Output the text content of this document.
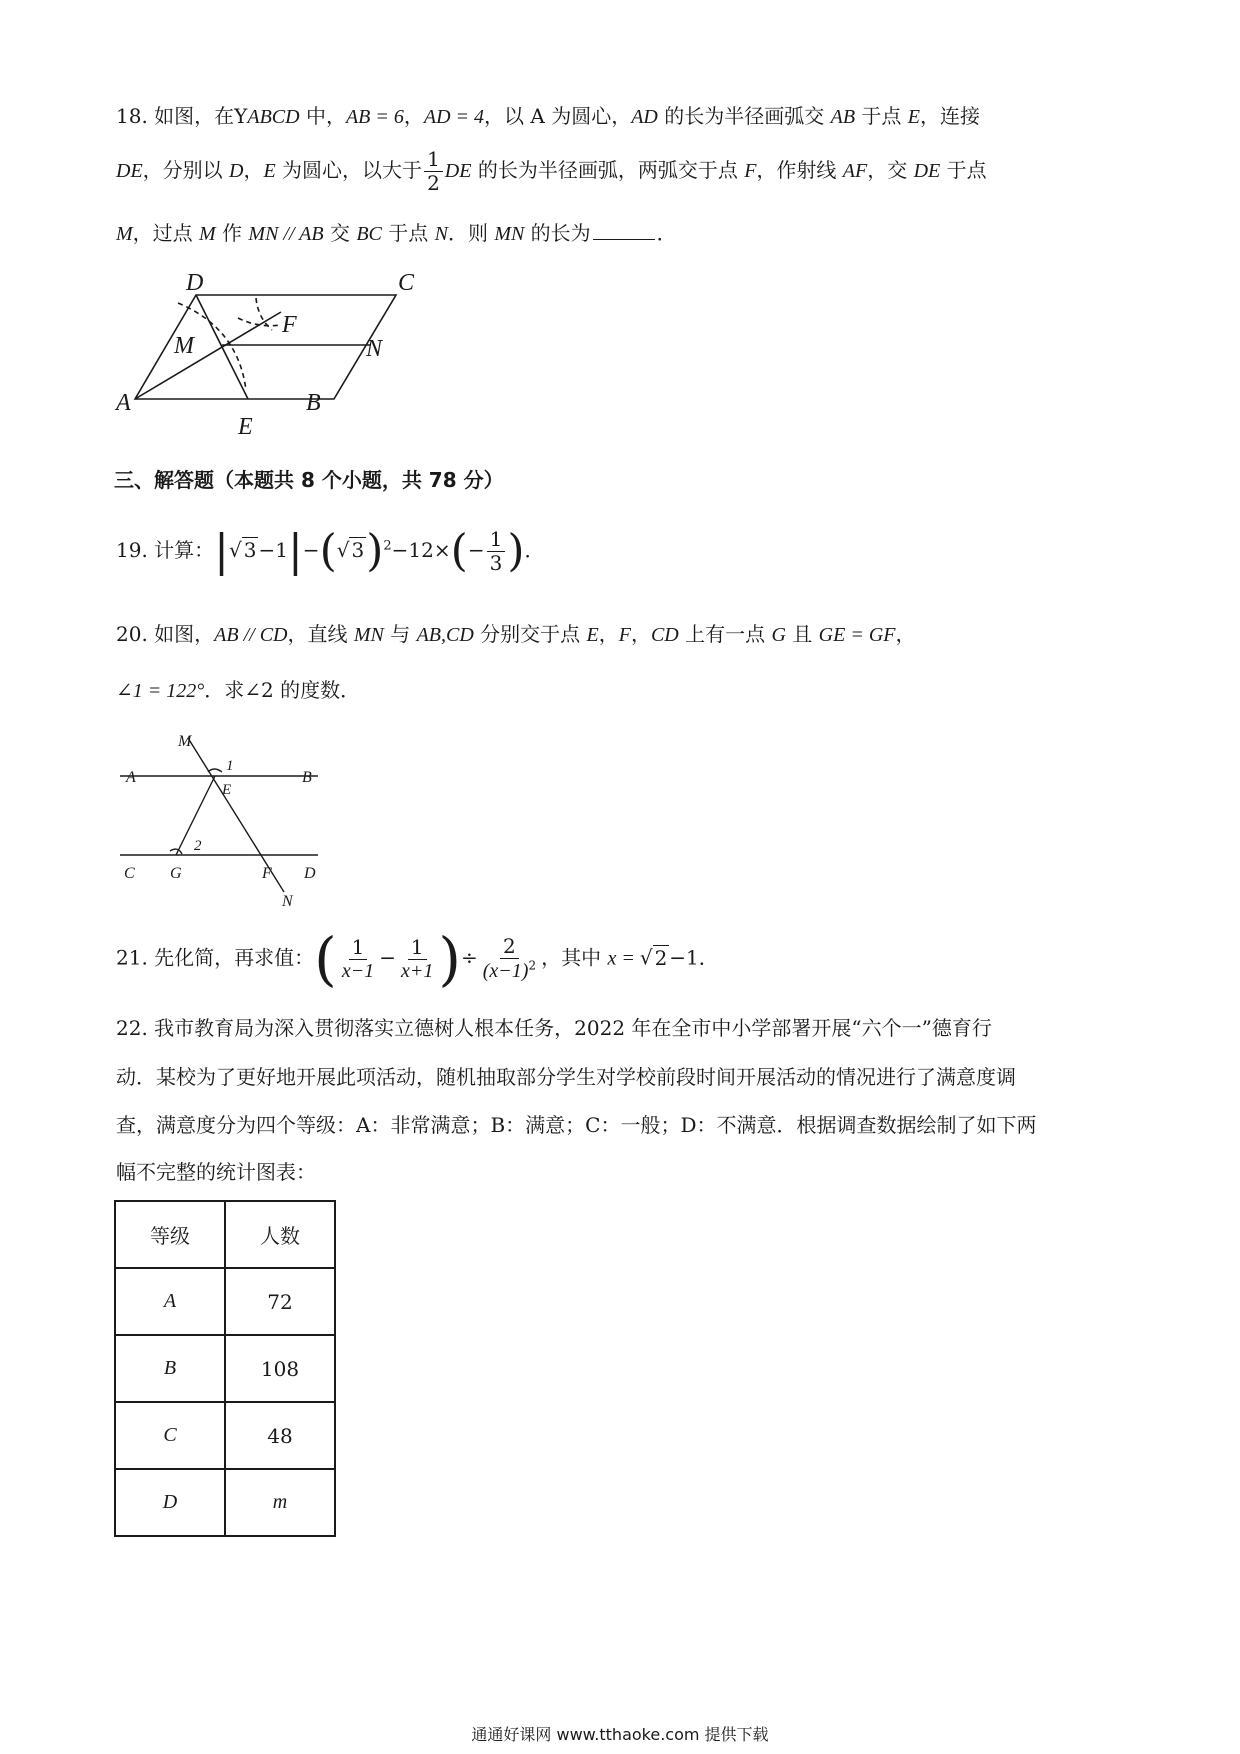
18. 如图，在YABCD 中，AB = 6，AD = 4，以 A 为圆心，AD 的长为半径画弧交 AB 于点 E，连接
DE，分别以 D，E 为圆心，以大于 $\frac{1}{2}$ DE 的长为半径画弧，两弧交于点 F，作射线 AF，交 DE 于点
M，过点 M 作 MN // AB 交 BC 于点 N．则 MN 的长为	．
D	C
F
M	N
A	B
E
三、解答题（本题共 8 个小题，共 78 分）
19. 计算：|√ 3 −1|−(√ $3)^2-12\times(- \frac{1}{3}$ )．
20. 如图，AB // CD，直线 MN 与 AB,CD 分别交于点 E，F，CD 上有一点 G 且 GE = GF，
∠1 = 122°．求∠2 的度数．
M
1
A	B
E
2
C G	F D
N
21. 先化简，再求值：( $\frac{1}{x-1} - \frac{1}{x+1}$ )÷ $\frac{2}{(x-1)^2}$ ，其中 x = √ 2 −1．
22. 我市教育局为深入贯彻落实立德树人根本任务，2022 年在全市中小学部署开展“六个一”德育行
动．某校为了更好地开展此项活动，随机抽取部分学生对学校前段时间开展活动的情况进行了满意度调
查，满意度分为四个等级：A：非常满意；B：满意；C：一般；D：不满意．根据调查数据绘制了如下两
幅不完整的统计图表：
等级	人数
A	72
B	108
C	48
D	m
通通好课网 www.tthaoke.com 提供下载
